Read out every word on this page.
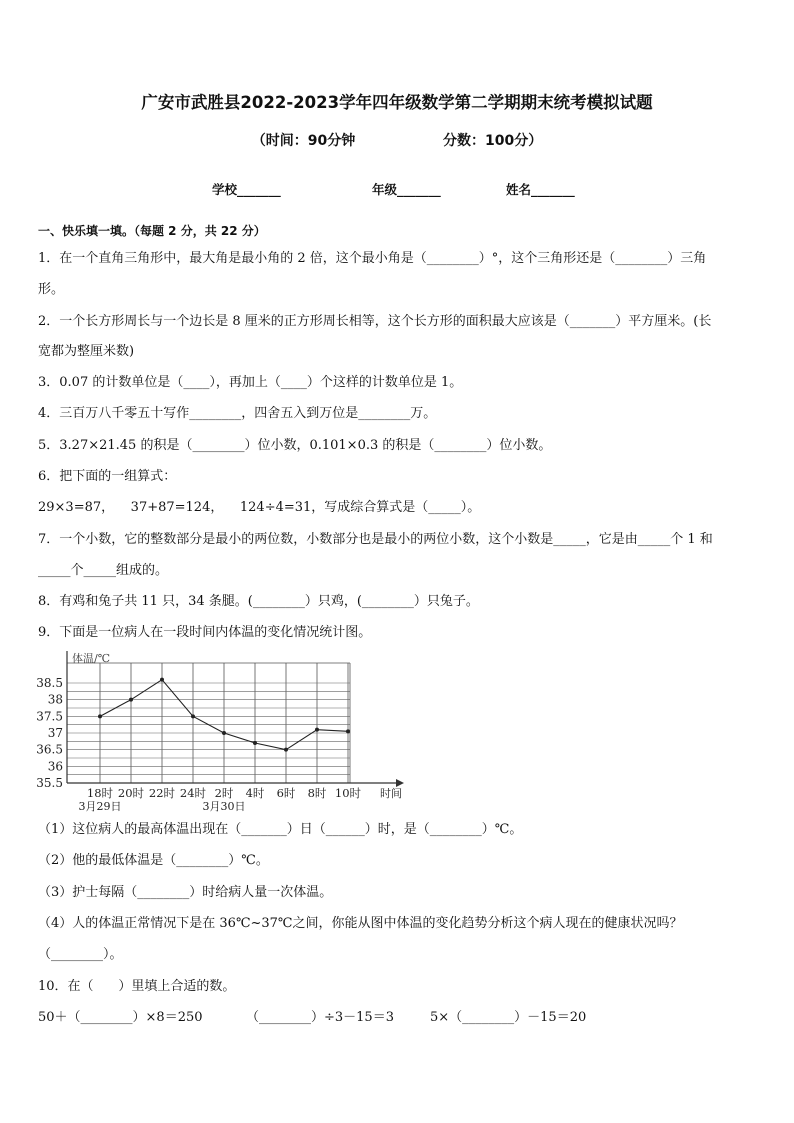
广安市武胜县2022-2023学年四年级数学第二学期期末统考模拟试题
（时间：90分钟                  分数：100分）
学校_______	年级_______	姓名_______
一、快乐填一填。（每题 2 分，共 22 分）
1．在一个直角三角形中，最大角是最小角的 2 倍，这个最小角是（________）°，这个三角形还是（________）三角
形。
2．一个长方形周长与一个边长是 8 厘米的正方形周长相等，这个长方形的面积最大应该是（_______）平方厘米。(长
宽都为整厘米数)
3．0.07 的计数单位是（____），再加上（____）个这样的计数单位是 1。
4．三百万八千零五十写作________，四舍五入到万位是________万。
5．3.27×21.45 的积是（________）位小数，0.101×0.3 的积是（________）位小数。
6．把下面的一组算式：
29×3=87，    37+87=124，    124÷4=31，写成综合算式是（_____）。
7．一个小数，它的整数部分是最小的两位数，小数部分也是最小的两位小数，这个小数是_____，它是由_____个 1 和
_____个_____组成的。
8．有鸡和兔子共 11 只，34 条腿。(________）只鸡，(________）只兔子。
9．下面是一位病人在一段时间内体温的变化情况统计图。
体温/℃
时间
38.5
38
37.5
37
36.5
36
35.5
18时 20时 22时 24时 2时 4时 6时 8时 10时
3月29日	3月30日
（1）这位病人的最高体温出现在（_______）日（______）时，是（________）℃。
（2）他的最低体温是（________）℃。
（3）护士每隔（________）时给病人量一次体温。
（4）人的体温正常情况下是在 36℃~37℃之间，你能从图中体温的变化趋势分析这个病人现在的健康状况吗？
（________）。
10．在（      ）里填上合适的数。
50＋（________）×8＝250	（________）÷3－15＝3	5×（________）－15＝20
